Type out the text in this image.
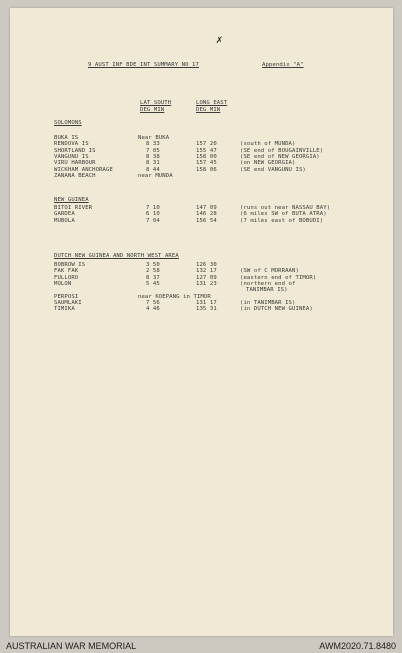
✗
9 AUST INF BDE INT SUMMARY NO 17	Appendix "A"
LAT SOUTH
DEG MIN
LONG EAST
DEG MIN
SOLOMONS
BUKA IS	Near BUKA
RENDOVA IS	8 33	157 20	(south of MUNDA)
SHORTLAND IS	7 05	155 47	(SE end of BOUGAINVILLE)
VANGUNU IS	8 38	158 00	(SE end of NEW GEORGIA)
VIRU HARBOUR	8 31	157 45	(on NEW GEORGIA)
WICKHAM ANCHORAGE	8 44	158 06	(SE end VANGUNU IS)
ZANANA BEACH	near MUNDA
NEW GUINEA
BITOI RIVER	7 10	147 09	(runs out near NASSAU BAY)
GARDEA	6 10	146 28	(6 miles SW of BUTA ATRA)
MUBOLA	7 04	156 54	(7 miles east of BOBUDI)
DUTCH NEW GUINEA AND NORTH WEST AREA
BOBROW IS	3 50	126 30
FAK FAK	2 58	132 17	(SW of C MORRAAN)
FULLORO	8 37	127 09	(eastern end of TIMOR)
MOLON	5 45	131 23	(northern end of
TANIMBAR IS)
PERPOSI	near KOEPANG in TIMOR
SAUMLAKI	7 56	131 17	(in TANIMBAR IS)
TIMIKA	4 46	135 31	(in DUTCH NEW GUINEA)
AUSTRALIAN WAR MEMORIAL	AWM2020.71.8480
